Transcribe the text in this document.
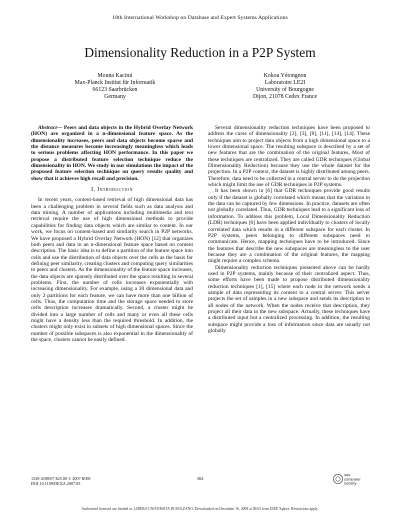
18th International Workshop on Database and Expert Systems Applications
Dimensionality Reduction in a P2P System
Mouna Kacimi
Max-Planck Institut für Informatik
66123 Saarbrücken
Germany
Kokou Yétongnon
Laboratoire LE2I
University of Bourgogne
Dijon, 21078 Cedex France

Abstract— Peers and data objects in the Hybrid Overlay Network (HON) are organized in a n-dimensional feature space. As the dimensionality increases, peers and data objects become sparse and the distance measures become increasingly meaningless which leads to serious problems affecting HON performance. In this paper we propose a distributed feature selection technique reduce the dimensionality in HON. We study in our simulations the impact of the proposed feature selection technique on query results quality and show that it achieves high recall and precision.

I. Introduction

In recent years, content-based retrieval of high dimensional data has been a challenging problem in several fields such as data analysis and data mining. A number of applications including multimedia and text retrieval require the use of high dimensional methods to provide capabilities for finding data objects which are similar to content. In our work, we focus on content-based and similarity search in P2P networks. We have proposed a Hybrid Overlay Network (HON) [12] that organizes both peers and data in an n-dimensional feature space based on content description. The basic idea is to define a partition of the feature space into cells and use the distribution of data objects over the cells as the basis for defining peer similarity, creating clusters and computing query similarities to peers and clusters. As the dimensionality of the feature space increases, the data objects are sparsely distributed over the space resulting in several problems. First, the number of cells increases exponentially with increasing dimensionality. For example, using a 30 dimensional data and only 2 partitions for each feature, we can have more than one billion of cells. Thus, the computation time and the storage space needed to store cells description increases dramatically. Second, a cluster might be divided into a large number of cells and many or even all these cells might have a density less than the required threshold. In addition, the clusters might only exist in subsets of high dimensional spaces. Since the number of possible subspaces is also exponential in the dimensionality of the space, clusters cannot be easily defined.

Several dimensionality reduction techniques have been proposed to address the curse of dimensionality [2], [3], [8], [11], [14], [14]. These techniques aim to project data objects from a high dimensional space to a lower dimensional space. The resulting subspace is described by a set of new features that are the combination of the original features, Most of these techniques are centralized. They are called GDR techniques (Global Dimensionality Reduction) because they use the whole dataset for the projection. In a P2P context, the dataset is highly distributed among peers. Therefore, data need to be collected in a central server to do the projection which might limit the use of GDR techniques in P2P systems.

It has been shown in [6] that GDR techniques provide good results only if the dataset is globally correlated which means that the variation in the data can be captured by few dimensions. In practice, datasets are often not globally correlated. Thus, GDR techniques lead to a significant loss of information. To address this problem, Local Dimensionality Reduction (LDR) techniques [6] have been applied individually to clusters of locally correlated data which results in a different subspace for each cluster. In P2P systems, peers belonging to different subspaces need to communicate. Hence, mapping techniques have to be introduced. Since the features that describe the new subspaces are meaningless to the user because they are a combination of the original features, the mapping might require a complex schema.

Dimensionality reduction techniques presented above can be hardly used in P2P systems, mainly because of their centralized aspect. Thus, some efforts have been made to propose distributed dimensionality reduction techniques [1], [15] where each node in the network sends a sample of data representing its content to a central server. This server projects the set of samples in a new subspace and sends its description to all nodes of the network. When the nodes receive that description, they project all their data in the new subspace. Actually, these techniques have a distributed input but a centralized processing. In addition, the resulting subspace might provide a loss of information since data are usually not globally

1529-4188/07 $25.00 © 2007 IEEE
DOI 10.1109/DEXA.2007.83
304
IEEE
computer
society
Authorized licensed use limited to: LIBERA UNIVERSITA DI BOLZANO. Downloaded on December 16, 2008 at 09:03 from IEEE Xplore. Restrictions apply.
